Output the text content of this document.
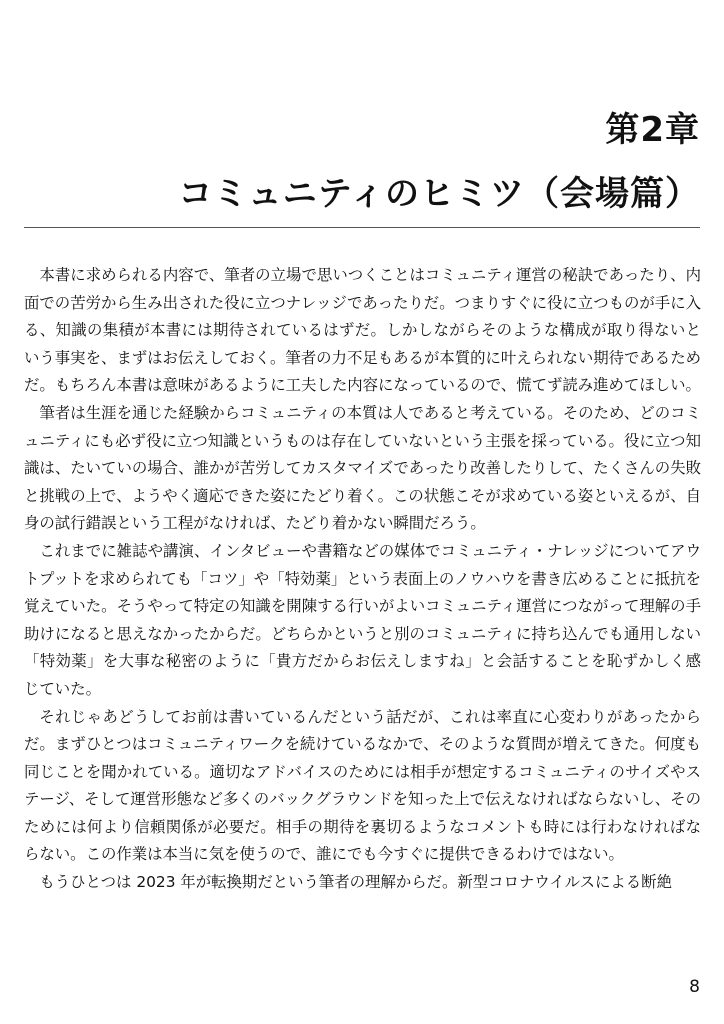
第2章
コミュニティのヒミツ（会場篇）

本書に求められる内容で、筆者の立場で思いつくことはコミュニティ運営の秘訣であったり、内面での苦労から生み出された役に立つナレッジであったりだ。つまりすぐに役に立つものが手に入る、知識の集積が本書には期待されているはずだ。しかしながらそのような構成が取り得ないという事実を、まずはお伝えしておく。筆者の力不足もあるが本質的に叶えられない期待であるためだ。もちろん本書は意味があるように工夫した内容になっているので、慌てず読み進めてほしい。

筆者は生涯を通じた経験からコミュニティの本質は人であると考えている。そのため、どのコミュニティにも必ず役に立つ知識というものは存在していないという主張を採っている。役に立つ知識は、たいていの場合、誰かが苦労してカスタマイズであったり改善したりして、たくさんの失敗と挑戦の上で、ようやく適応できた姿にたどり着く。この状態こそが求めている姿といえるが、自身の試行錯誤という工程がなければ、たどり着かない瞬間だろう。

これまでに雑誌や講演、インタビューや書籍などの媒体でコミュニティ・ナレッジについてアウトプットを求められても「コツ」や「特効薬」という表面上のノウハウを書き広めることに抵抗を覚えていた。そうやって特定の知識を開陳する行いがよいコミュニティ運営につながって理解の手助けになると思えなかったからだ。どちらかというと別のコミュニティに持ち込んでも通用しない「特効薬」を大事な秘密のように「貴方だからお伝えしますね」と会話することを恥ずかしく感じていた。

それじゃあどうしてお前は書いているんだという話だが、これは率直に心変わりがあったからだ。まずひとつはコミュニティワークを続けているなかで、そのような質問が増えてきた。何度も同じことを聞かれている。適切なアドバイスのためには相手が想定するコミュニティのサイズやステージ、そして運営形態など多くのバックグラウンドを知った上で伝えなければならないし、そのためには何より信頼関係が必要だ。相手の期待を裏切るようなコメントも時には行わなければならない。この作業は本当に気を使うので、誰にでも今すぐに提供できるわけではない。

もうひとつは 2023 年が転換期だという筆者の理解からだ。新型コロナウイルスによる断絶

8
